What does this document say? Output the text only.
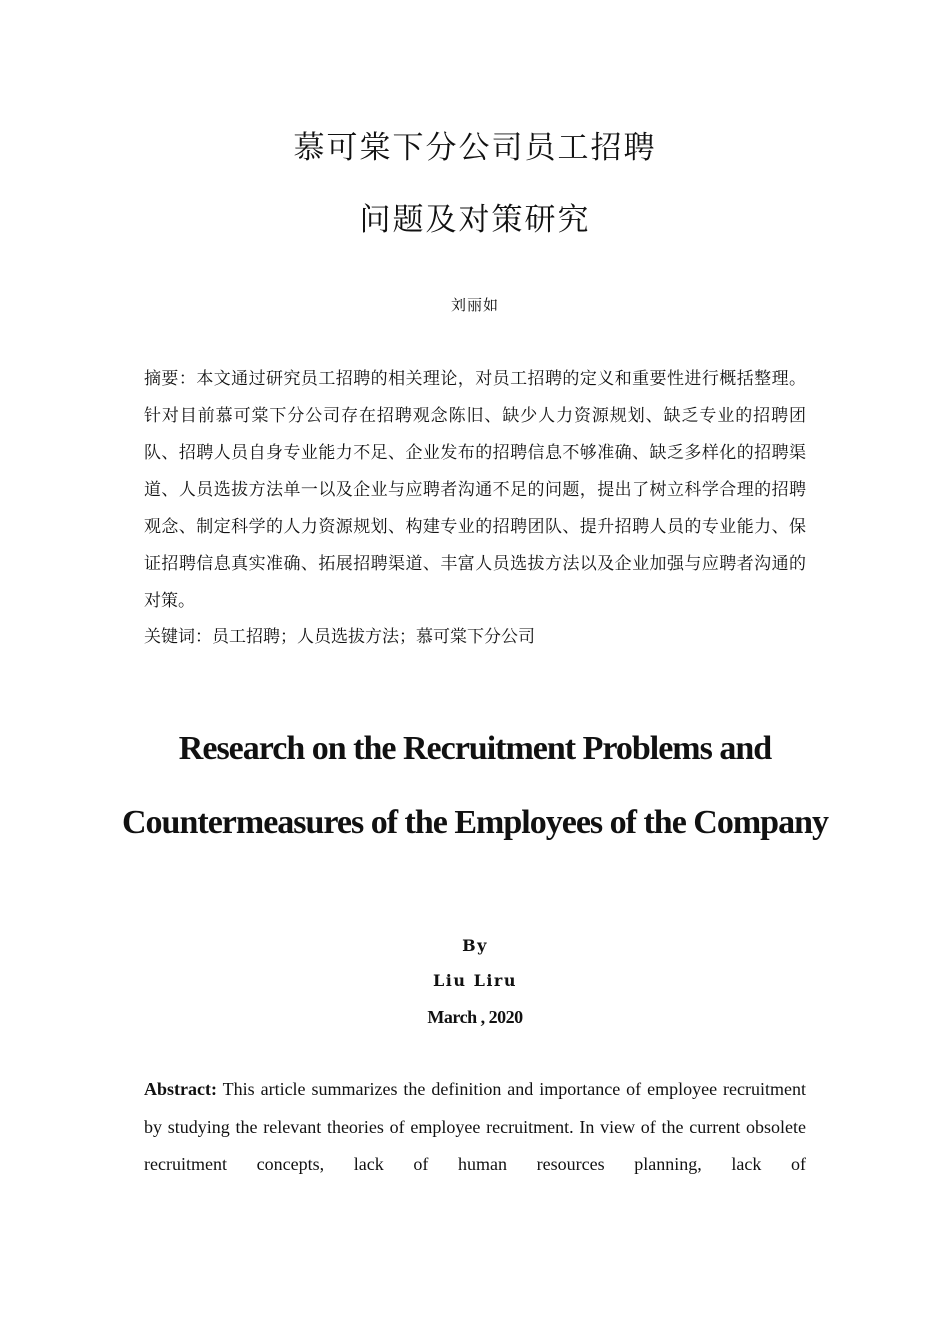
慕可棠下分公司员工招聘
问题及对策研究
刘丽如
摘要：本文通过研究员工招聘的相关理论，对员工招聘的定义和重要性进行概括整理。针对目前慕可棠下分公司存在招聘观念陈旧、缺少人力资源规划、缺乏专业的招聘团队、招聘人员自身专业能力不足、企业发布的招聘信息不够准确、缺乏多样化的招聘渠道、人员选拔方法单一以及企业与应聘者沟通不足的问题，提出了树立科学合理的招聘观念、制定科学的人力资源规划、构建专业的招聘团队、提升招聘人员的专业能力、保证招聘信息真实准确、拓展招聘渠道、丰富人员选拔方法以及企业加强与应聘者沟通的对策。
关键词：员工招聘；人员选拔方法；慕可棠下分公司
Research on the Recruitment Problems and Countermeasures of the Employees of the Company
By
Liu Liru
March , 2020
Abstract: This article summarizes the definition and importance of employee recruitment by studying the relevant theories of employee recruitment. In view of the current obsolete recruitment concepts, lack of human resources planning, lack of
